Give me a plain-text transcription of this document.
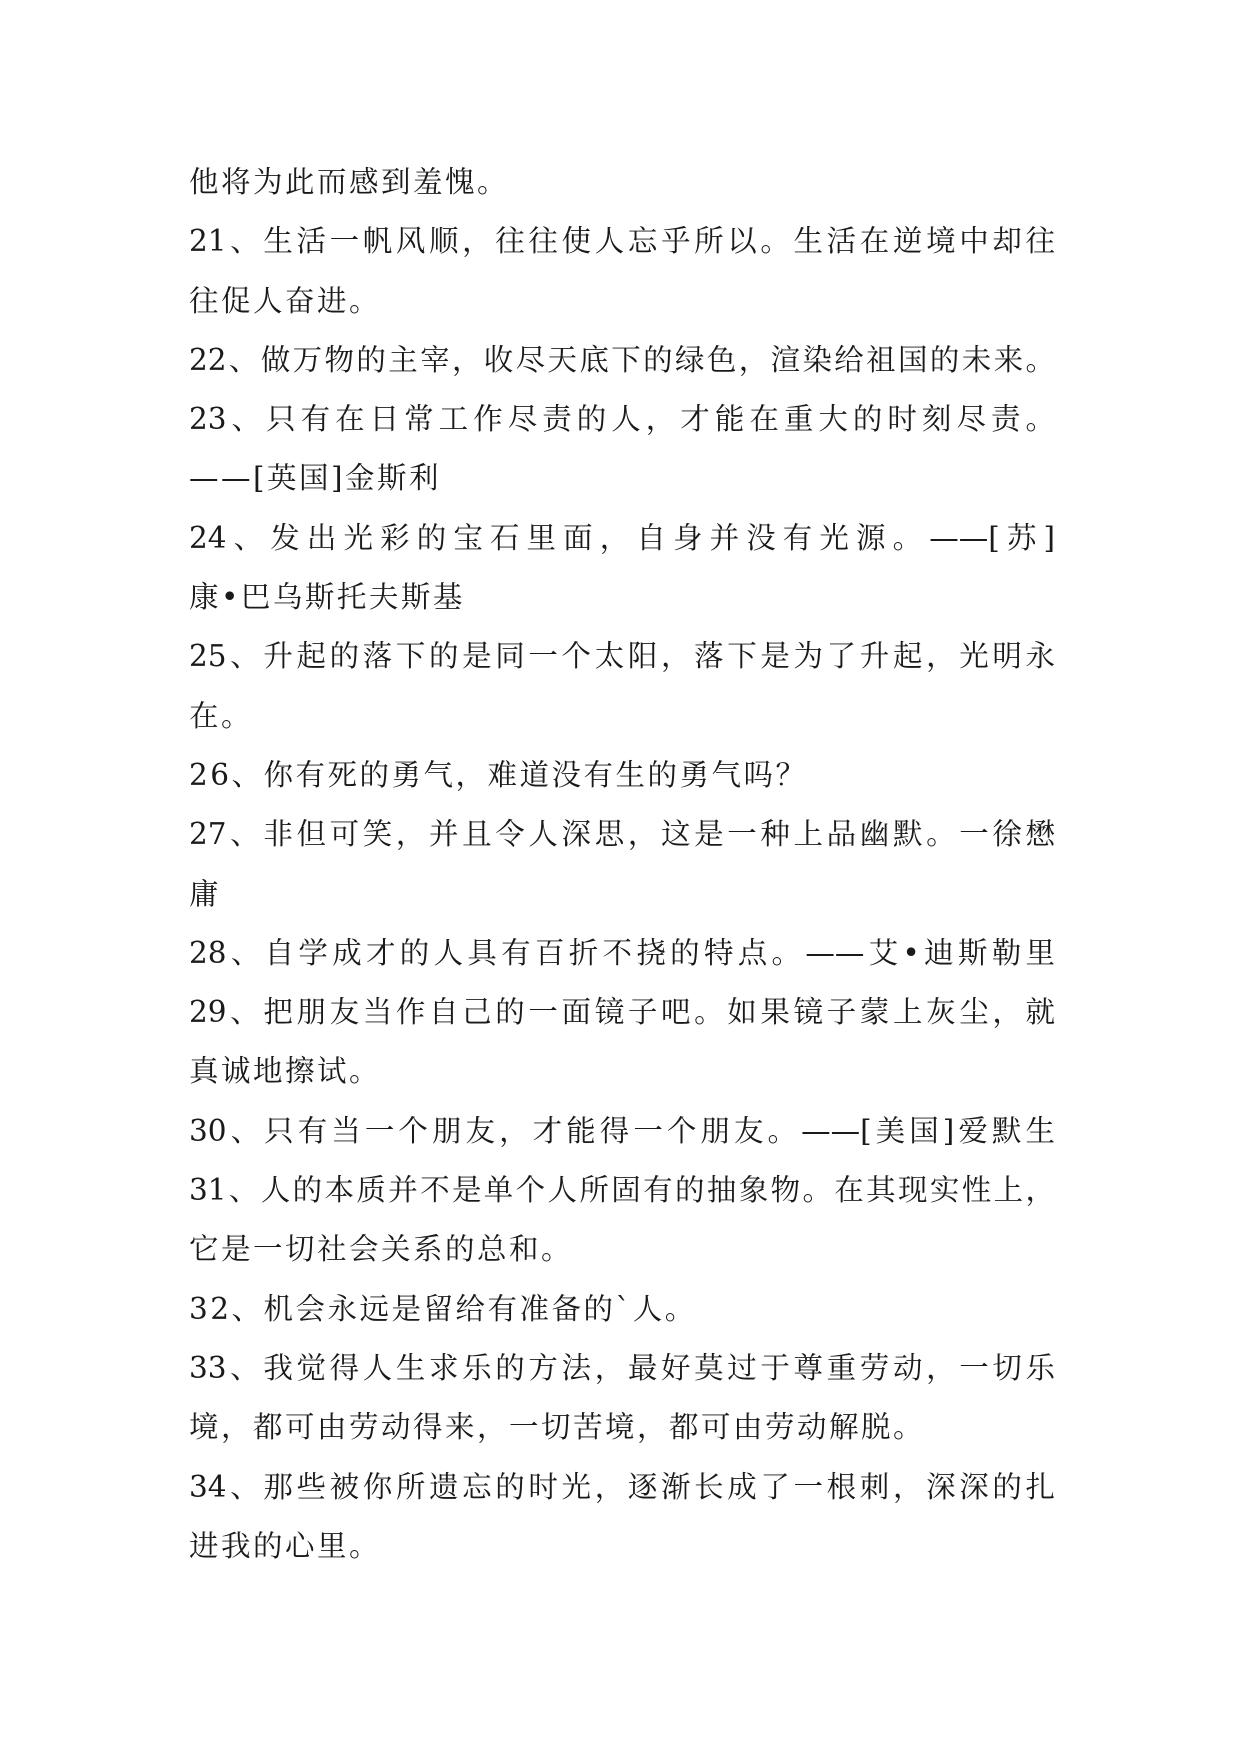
他将为此而感到羞愧。
21、生活一帆风顺，往往使人忘乎所以。生活在逆境中却往
往促人奋进。
22、做万物的主宰，收尽天底下的绿色，渲染给祖国的未来。
23、只有在日常工作尽责的人，才能在重大的时刻尽责。
——[英国]金斯利
24、发出光彩的宝石里面，自身并没有光源。——[苏]
康•巴乌斯托夫斯基
25、升起的落下的是同一个太阳，落下是为了升起，光明永
在。
26、你有死的勇气，难道没有生的勇气吗？
27、非但可笑，并且令人深思，这是一种上品幽默。一徐懋
庸
28、自学成才的人具有百折不挠的特点。——艾•迪斯勒里
29、把朋友当作自己的一面镜子吧。如果镜子蒙上灰尘，就
真诚地擦试。
30、只有当一个朋友，才能得一个朋友。——[美国]爱默生
31、人的本质并不是单个人所固有的抽象物。在其现实性上，
它是一切社会关系的总和。
32、机会永远是留给有准备的`人。
33、我觉得人生求乐的方法，最好莫过于尊重劳动，一切乐
境，都可由劳动得来，一切苦境，都可由劳动解脱。
34、那些被你所遗忘的时光，逐渐长成了一根刺，深深的扎
进我的心里。
